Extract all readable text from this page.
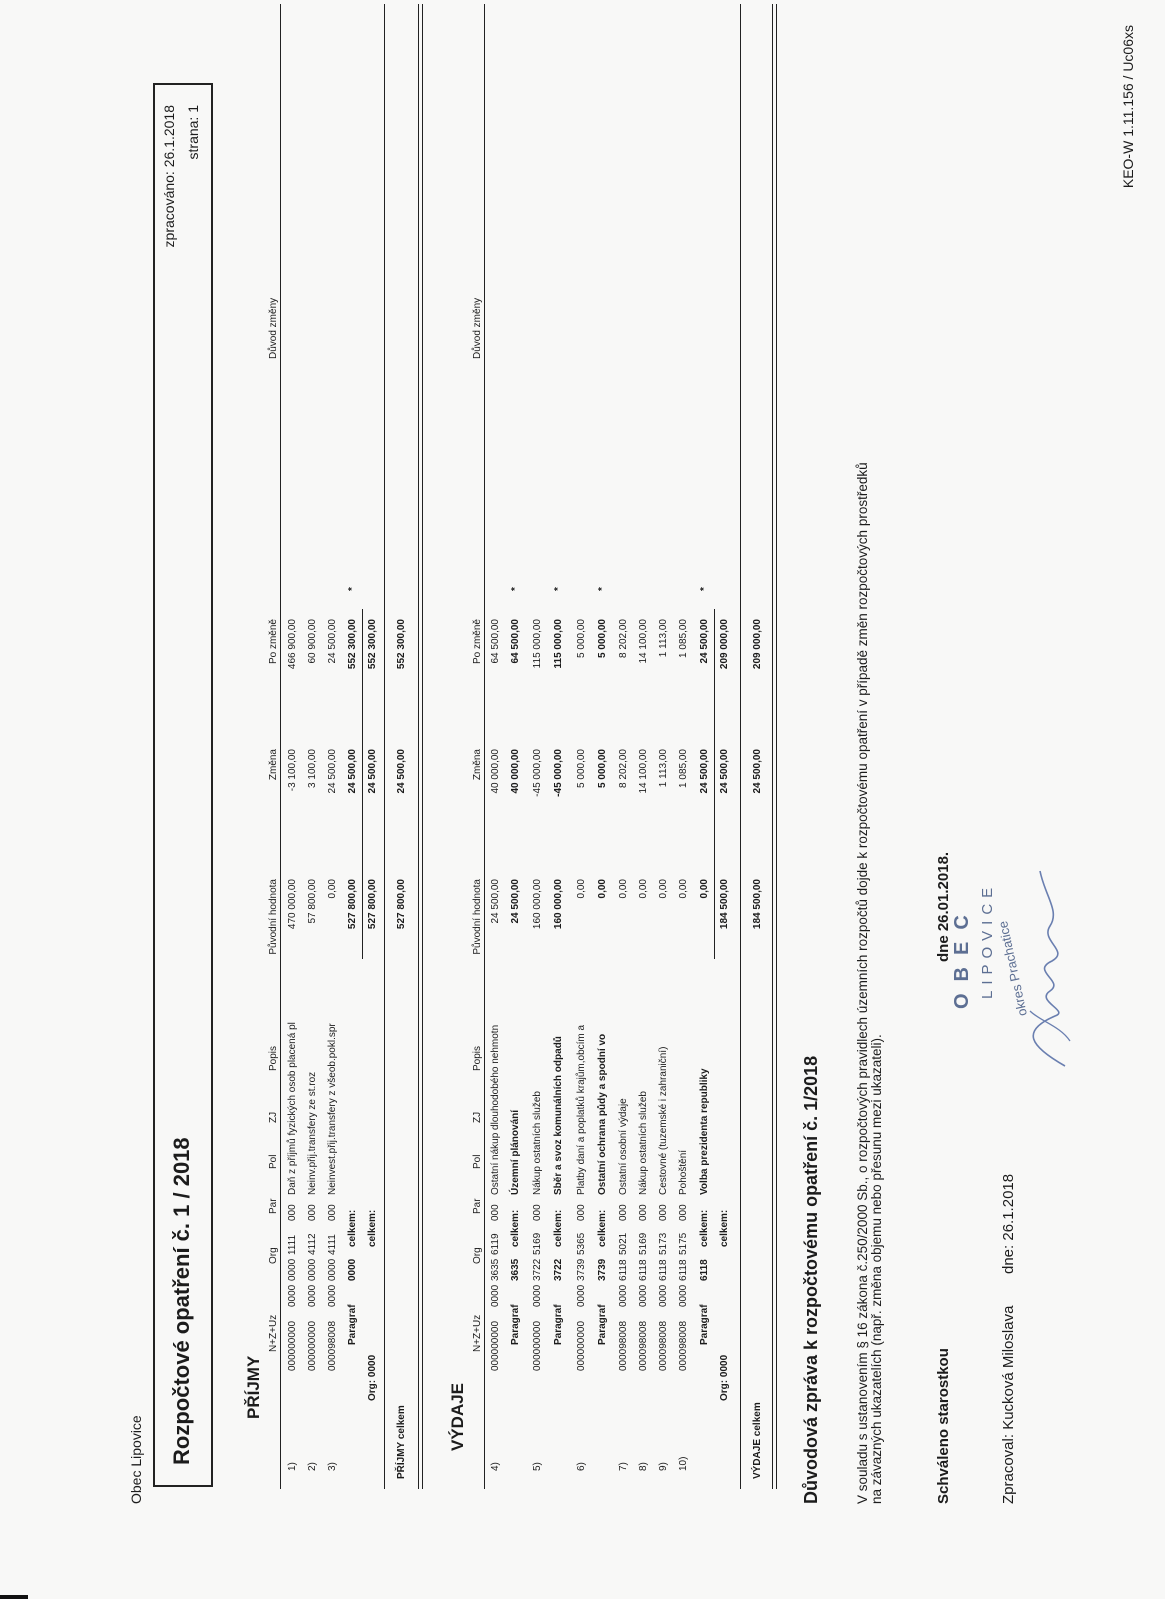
Obec Lipovice
KEO-W 1.11.156 / Uc06xs
Rozpočtové opatření č. 1 / 2018
zpracováno: 26.1.2018 strana: 1
PŘÍJMY
N+Z+Uz
Org
Par
Pol
ZJ
Popis
Původní hodnota
Změna
Po změně
Důvod změny
1)
000000000
0000
0000
1111
000
Daň z příjmů fyzických osob placená pl
470 000,00
-3 100,00
466 900,00
2)
000000000
0000
0000
4112
000
Neinv.přij.transfery ze st.roz
57 800,00
3 100,00
60 900,00
3)
000098008
0000
0000
4111
000
Neinvest.přij.transfery z všeob.pokl.spr
0,00
24 500,00
24 500,00
Paragraf
0000
celkem:
527 800,00
24 500,00
552 300,00
*
Org: 0000
celkem:
527 800,00
24 500,00
552 300,00
PŘÍJMY celkem
527 800,00
24 500,00
552 300,00
VÝDAJE
N+Z+Uz
Org
Par
Pol
ZJ
Popis
Původní hodnota
Změna
Po změně
Důvod změny
4)
000000000
0000
3635
6119
000
Ostatní nákup dlouhodobého nehmotn
24 500,00
40 000,00
64 500,00
Paragraf
3635
celkem:
Územní plánování
24 500,00
40 000,00
64 500,00
*
5)
000000000
0000
3722
5169
000
Nákup ostatních služeb
160 000,00
-45 000,00
115 000,00
Paragraf
3722
celkem:
Sběr a svoz komunálních odpadů
160 000,00
-45 000,00
115 000,00
*
6)
000000000
0000
3739
5365
000
Platby daní a poplatků krajům,obcím a
0,00
5 000,00
5 000,00
Paragraf
3739
celkem:
Ostatní ochrana půdy a spodní vo
0,00
5 000,00
5 000,00
*
7)
000098008
0000
6118
5021
000
Ostatní osobní výdaje
0,00
8 202,00
8 202,00
8)
000098008
0000
6118
5169
000
Nákup ostatních služeb
0,00
14 100,00
14 100,00
9)
000098008
0000
6118
5173
000
Cestovné (tuzemské i zahraniční)
0,00
1 113,00
1 113,00
10)
000098008
0000
6118
5175
000
Pohoštění
0,00
1 085,00
1 085,00
Paragraf
6118
celkem:
Volba prezidenta republiky
0,00
24 500,00
24 500,00
*
Org: 0000
celkem:
184 500,00
24 500,00
209 000,00
VÝDAJE celkem
184 500,00
24 500,00
209 000,00
Důvodová zpráva k rozpočtovému opatření č. 1/2018	V souladu s ustanovením § 16 zákona č.250/2000 Sb., o rozpočtových pravidlech územních rozpočtů dojde k rozpočtovému opatření v případě změn rozpočtových prostředků na závazných ukazatelích (např. změna objemu nebo přesunu mezi ukazateli).	Schváleno starostkou
dne 26.01.2018.
Zpracoval: Kucková Miloslava
dne: 26.1.2018
OBEC LIPOVICE okres Prachatice
